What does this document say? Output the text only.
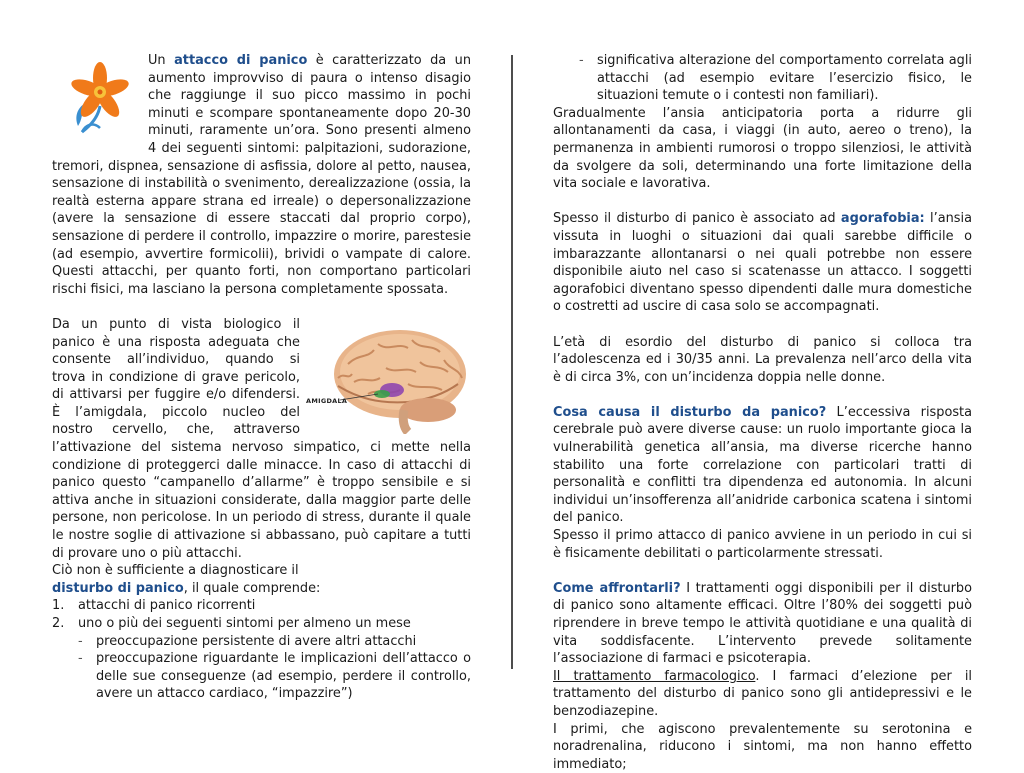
Un attacco di panico è caratterizzato da un aumento improvviso di paura o intenso disagio che raggiunge il suo picco massimo in pochi minuti e scompare spontaneamente dopo 20-30 minuti, raramente un’ora. Sono presenti almeno 4 dei seguenti sintomi: palpitazioni, sudorazione, tremori, dispnea, sensazione di asfissia, dolore al petto, nausea, sensazione di instabilità o svenimento, derealizzazione (ossia, la realtà esterna appare strana ed irreale) o depersonalizzazione (avere la sensazione di essere staccati dal proprio corpo), sensazione di perdere il controllo, impazzire o morire, parestesie (ad esempio, avvertire formicolii), brividi o vampate di calore. Questi attacchi, per quanto forti, non comportano particolari rischi fisici, ma lasciano la persona completamente spossata.

AMIGDALA
Da un punto di vista biologico il panico è una risposta adeguata che consente all’individuo, quando si trova in condizione di grave pericolo, di attivarsi per fuggire e/o difendersi. È l’amigdala, piccolo nucleo del nostro cervello, che, attraverso l’attivazione del sistema nervoso simpatico, ci mette nella condizione di proteggerci dalle minacce. In caso di attacchi di panico questo “campanello d’allarme” è troppo sensibile e si attiva anche in situazioni considerate, dalla maggior parte delle persone, non pericolose. In un periodo di stress, durante il quale le nostre soglie di attivazione si abbassano, può capitare a tutti di provare uno o più attacchi.
Ciò non è sufficiente a diagnosticare il
disturbo di panico, il quale comprende:

1. attacchi di panico ricorrenti
2. uno o più dei seguenti sintomi per almeno un mese
- preoccupazione persistente di avere altri attacchi
- preoccupazione riguardante le implicazioni dell’attacco o delle sue conseguenze (ad esempio, perdere il controllo, avere un attacco cardiaco, “impazzire”)
- significativa alterazione del comportamento correlata agli attacchi (ad esempio evitare l’esercizio fisico, le situazioni temute o i contesti non familiari).

Gradualmente l’ansia anticipatoria porta a ridurre gli allontanamenti da casa, i viaggi (in auto, aereo o treno), la permanenza in ambienti rumorosi o troppo silenziosi, le attività da svolgere da soli, determinando una forte limitazione della vita sociale e lavorativa.

Spesso il disturbo di panico è associato ad agorafobia: l’ansia vissuta in luoghi o situazioni dai quali sarebbe difficile o imbarazzante allontanarsi o nei quali potrebbe non essere disponibile aiuto nel caso si scatenasse un attacco. I soggetti agorafobici diventano spesso dipendenti dalle mura domestiche o costretti ad uscire di casa solo se accompagnati.

L’età di esordio del disturbo di panico si colloca tra l’adolescenza ed i 30/35 anni. La prevalenza nell’arco della vita è di circa 3%, con un’incidenza doppia nelle donne.

Cosa causa il disturbo da panico? L’eccessiva risposta cerebrale può avere diverse cause: un ruolo importante gioca la vulnerabilità genetica all’ansia, ma diverse ricerche hanno stabilito una forte correlazione con particolari tratti di personalità e conflitti tra dipendenza ed autonomia. In alcuni individui un’insofferenza all’anidride carbonica scatena i sintomi del panico.
Spesso il primo attacco di panico avviene in un periodo in cui si è fisicamente debilitati o particolarmente stressati.

Come affrontarli? I trattamenti oggi disponibili per il disturbo di panico sono altamente efficaci. Oltre l’80% dei soggetti può riprendere in breve tempo le attività quotidiane e una qualità di vita soddisfacente. L’intervento prevede solitamente l’associazione di farmaci e psicoterapia.
Il trattamento farmacologico. I farmaci d’elezione per il trattamento del disturbo di panico sono gli antidepressivi e le benzodiazepine.
I primi, che agiscono prevalentemente su serotonina e noradrenalina, riducono i sintomi, ma non hanno effetto immediato;
